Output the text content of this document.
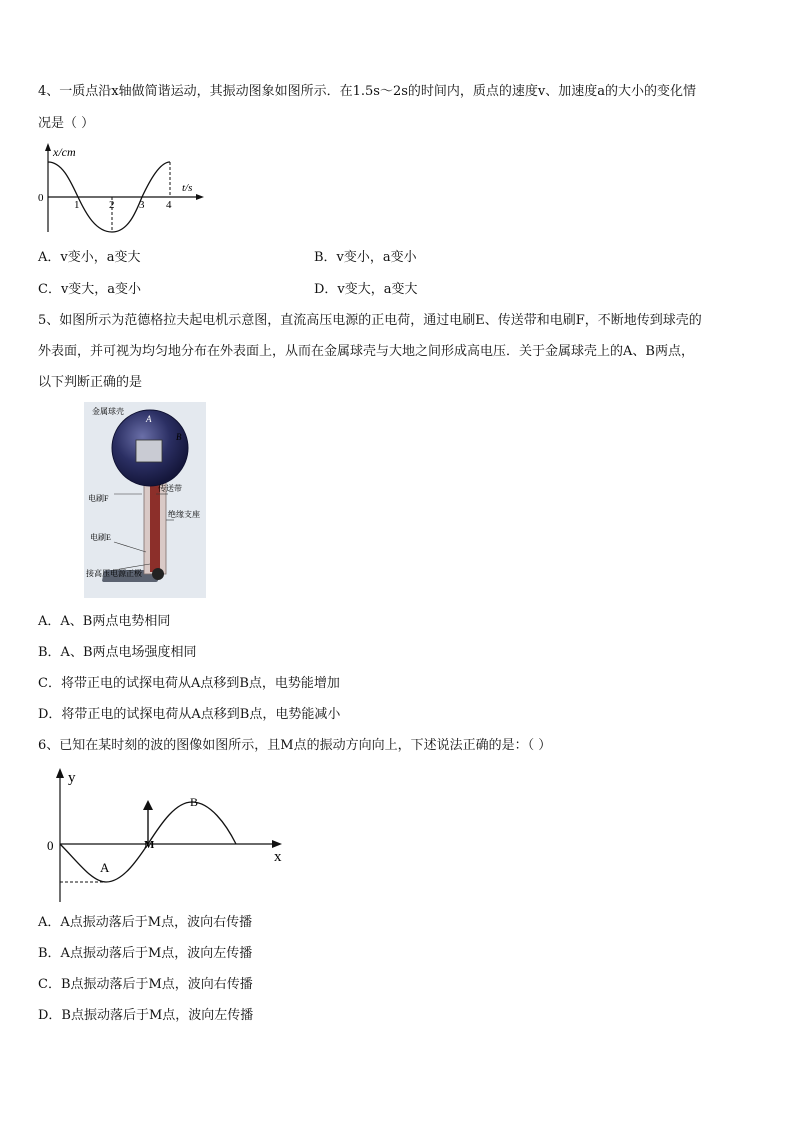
4、一质点沿x轴做简谐运动，其振动图象如图所示．在1.5s～2s的时间内，质点的速度v、加速度a的大小的变化情
况是（ ）
x/cm
t/s
0
1	2 3 4
A．v变小，a变大	B．v变小，a变小
C．v变大，a变小	D．v变大，a变大
5、如图所示为范德格拉夫起电机示意图，直流高压电源的正电荷，通过电刷E、传送带和电刷F，不断地传到球壳的
外表面，并可视为均匀地分布在外表面上，从而在金属球壳与大地之间形成高电压．关于金属球壳上的A、B两点，
以下判断正确的是
金属球壳
A
B
电刷F
传送带
绝缘支座
电刷E
接高压电源正极
A．A、B两点电势相同
B．A、B两点电场强度相同
C．将带正电的试探电荷从A点移到B点，电势能增加
D．将带正电的试探电荷从A点移到B点，电势能减小
6、已知在某时刻的波的图像如图所示，且M点的振动方向向上，下述说法正确的是：（ ）
y
x
0
A
B
M
A．A点振动落后于M点，波向右传播
B．A点振动落后于M点，波向左传播
C．B点振动落后于M点，波向右传播
D．B点振动落后于M点，波向左传播
